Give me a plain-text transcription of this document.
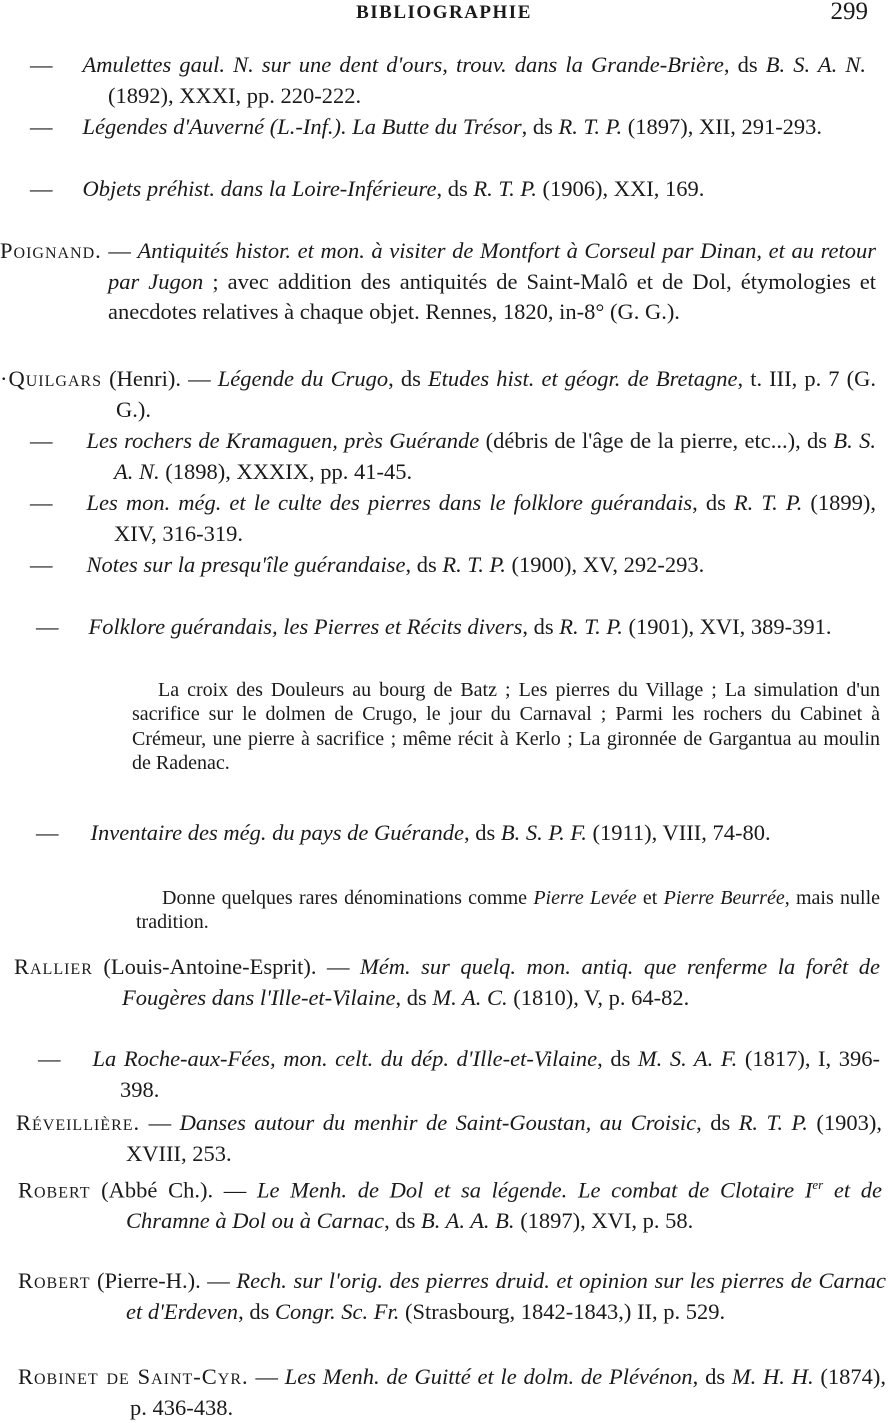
BIBLIOGRAPHIE	299
— Amulettes gaul. N. sur une dent d'ours, trouv. dans la Grande-Brière, ds B. S. A. N. (1892), XXXI, pp. 220-222.
— Légendes d'Auverné (L.-Inf.). La Butte du Trésor, ds R. T. P. (1897), XII, 291-293.
— Objets préhist. dans la Loire-Inférieure, ds R. T. P. (1906), XXI, 169.
Poignand. — Antiquités histor. et mon. à visiter de Montfort à Corseul par Dinan, et au retour par Jugon ; avec addition des antiquités de Saint-Malô et de Dol, étymologies et anecdotes relatives à chaque objet. Rennes, 1820, in-8° (G. G.).
·Quilgars (Henri). — Légende du Crugo, ds Etudes hist. et géogr. de Bretagne, t. III, p. 7 (G. G.).
— Les rochers de Kramaguen, près Guérande (débris de l'âge de la pierre, etc...), ds B. S. A. N. (1898), XXXIX, pp. 41-45.
— Les mon. még. et le culte des pierres dans le folklore guérandais, ds R. T. P. (1899), XIV, 316-319.
— Notes sur la presqu'île guérandaise, ds R. T. P. (1900), XV, 292-293.
— Folklore guérandais, les Pierres et Récits divers, ds R. T. P. (1901), XVI, 389-391.
La croix des Douleurs au bourg de Batz ; Les pierres du Village ; La simulation d'un sacrifice sur le dolmen de Crugo, le jour du Carnaval ; Parmi les rochers du Cabinet à Crémeur, une pierre à sacrifice ; même récit à Kerlo ; La gironnée de Gargantua au moulin de Radenac.
— Inventaire des még. du pays de Guérande, ds B. S. P. F. (1911), VIII, 74-80.
Donne quelques rares dénominations comme Pierre Levée et Pierre Beurrée, mais nulle tradition.
Rallier (Louis-Antoine-Esprit). — Mém. sur quelq. mon. antiq. que renferme la forêt de Fougères dans l'Ille-et-Vilaine, ds M. A. C. (1810), V, p. 64-82.
— La Roche-aux-Fées, mon. celt. du dép. d'Ille-et-Vilaine, ds M. S. A. F. (1817), I, 396-398.
Réveillière. — Danses autour du menhir de Saint-Goustan, au Croisic, ds R. T. P. (1903), XVIII, 253.
Robert (Abbé Ch.). — Le Menh. de Dol et sa légende. Le combat de Clotaire Ier et de Chramne à Dol ou à Carnac, ds B. A. A. B. (1897), XVI, p. 58.
Robert (Pierre-H.). — Rech. sur l'orig. des pierres druid. et opinion sur les pierres de Carnac et d'Erdeven, ds Congr. Sc. Fr. (Strasbourg, 1842-1843,) II, p. 529.
Robinet de Saint-Cyr. — Les Menh. de Guitté et le dolm. de Plévénon, ds M. H. H. (1874), p. 436-438.
